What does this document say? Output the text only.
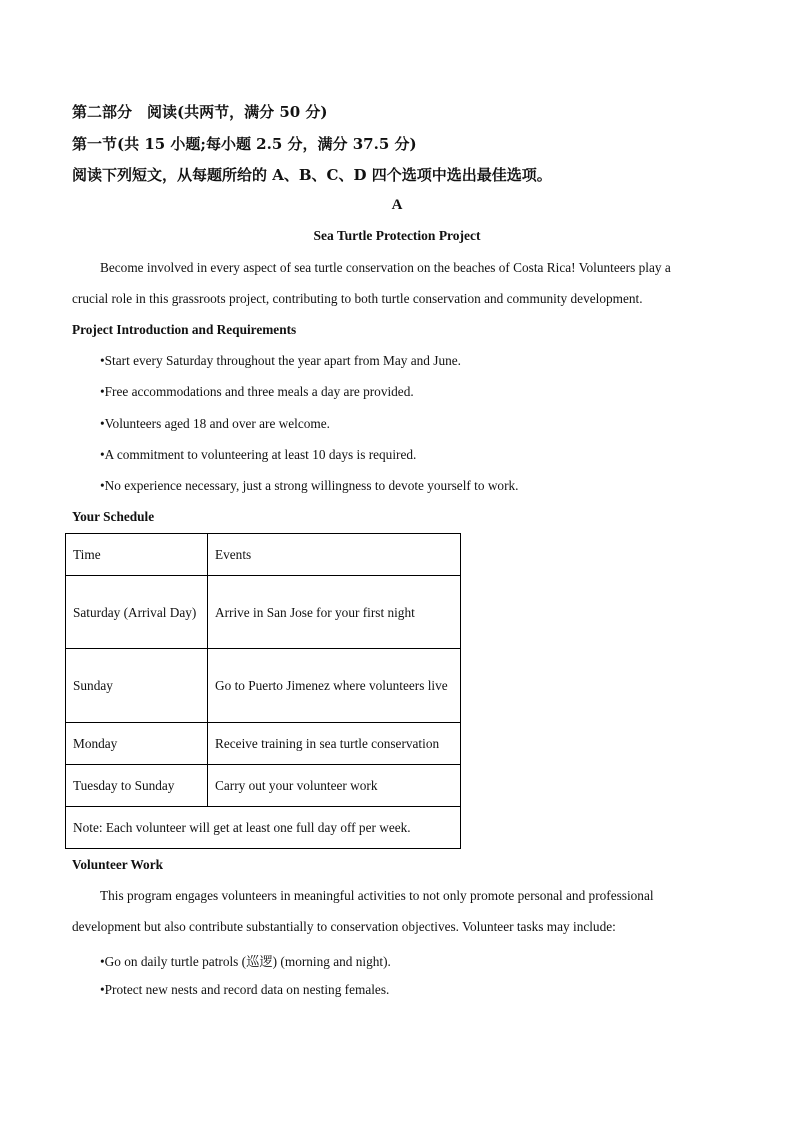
第二部分　阅读(共两节，满分 50 分)
第一节(共 15 小题;每小题 2.5 分，满分 37.5 分)
阅读下列短文，从每题所给的 A、B、C、D 四个选项中选出最佳选项。
A
Sea Turtle Protection Project
Become involved in every aspect of sea turtle conservation on the beaches of Costa Rica! Volunteers play a
crucial role in this grassroots project, contributing to both turtle conservation and community development.
Project Introduction and Requirements
•Start every Saturday throughout the year apart from May and June.
•Free accommodations and three meals a day are provided.
•Volunteers aged 18 and over are welcome.
•A commitment to volunteering at least 10 days is required.
•No experience necessary, just a strong willingness to devote yourself to work.
Your Schedule
Time	Events
Saturday (Arrival Day)	Arrive in San Jose for your first night
Sunday	Go to Puerto Jimenez where volunteers live
Monday	Receive training in sea turtle conservation
Tuesday to Sunday	Carry out your volunteer work
Note: Each volunteer will get at least one full day off per week.	
Volunteer Work
This program engages volunteers in meaningful activities to not only promote personal and professional
development but also contribute substantially to conservation objectives. Volunteer tasks may include:
•Go on daily turtle patrols (巡逻) (morning and night).
•Protect new nests and record data on nesting females.
